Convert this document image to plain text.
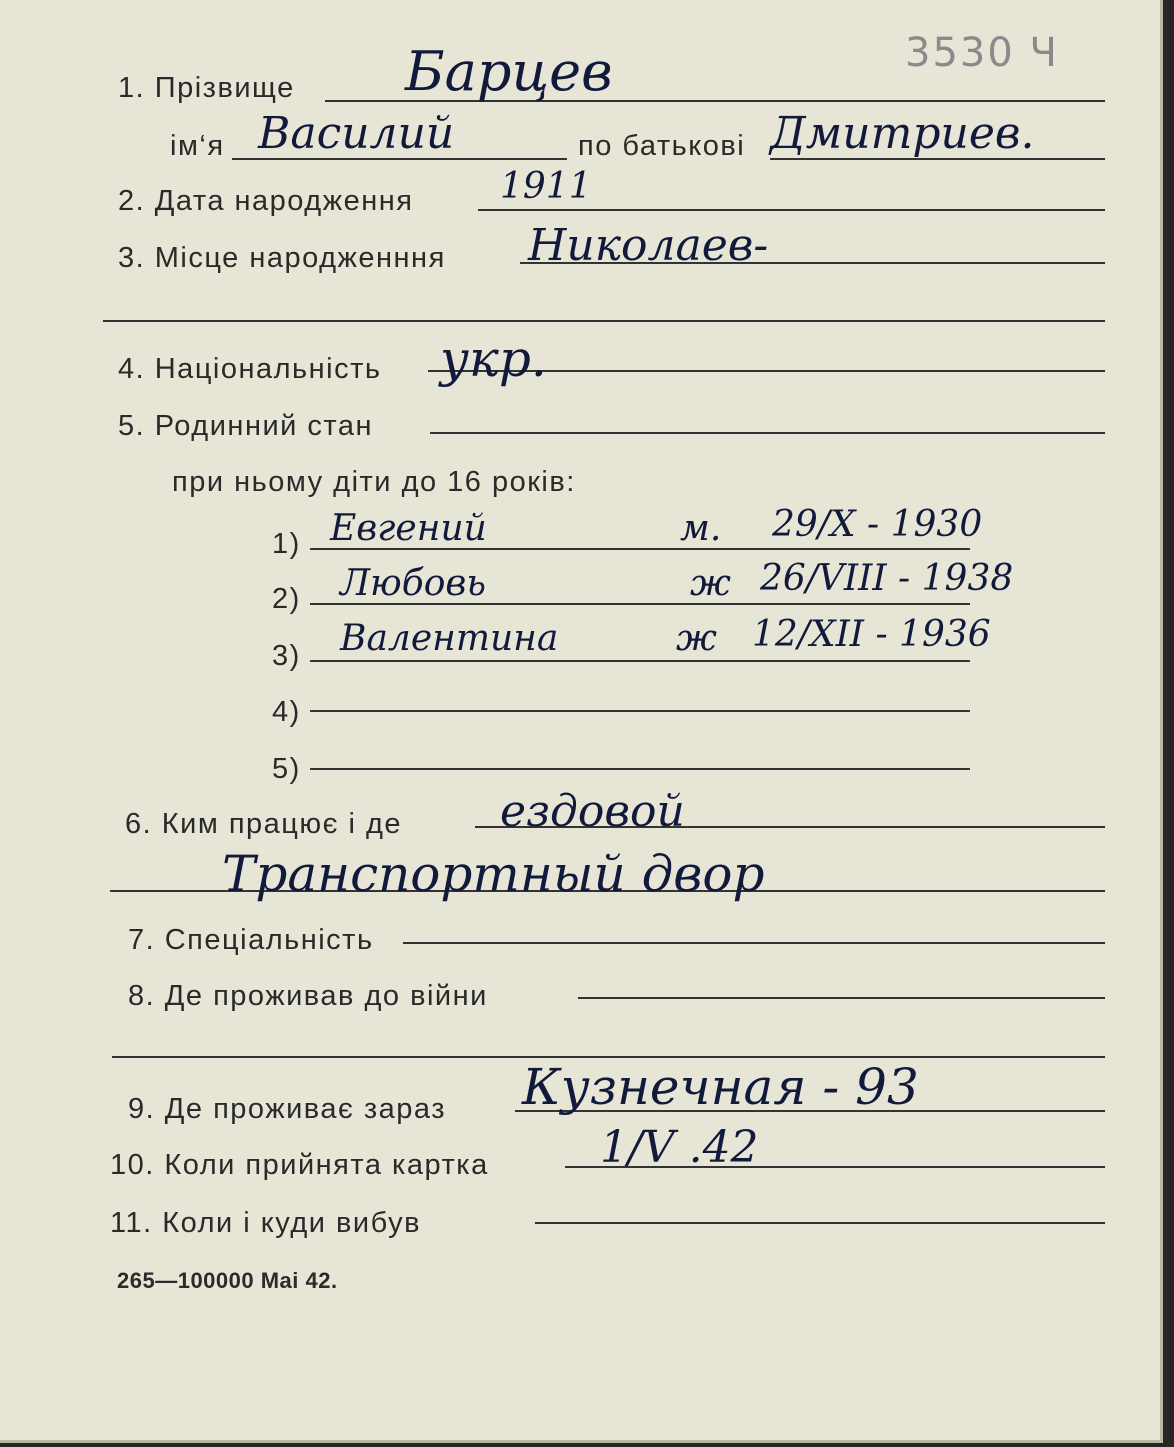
3530 Ч
1. Прізвище Барцев
ім‘я Василий	по батькові Дмитриев.
2. Дата народження 1911
3. Місце народженння Николаев-
4. Національність укр.
5. Родинний стан
при ньому діти до 16 років:
1) Евгений	м. 29/X - 1930
2) Любовь	ж 26/VIII - 1938
3) Валентина	ж 12/XII - 1936
4)
5)
6. Ким працює і де ездовой
Транспортный двор
7. Спеціальність
8. Де проживав до війни
9. Де проживає зараз Кузнечная - 93
10. Коли прийнята картка	1/V .42
11. Коли і куди вибув
265—100000 Mai 42.
